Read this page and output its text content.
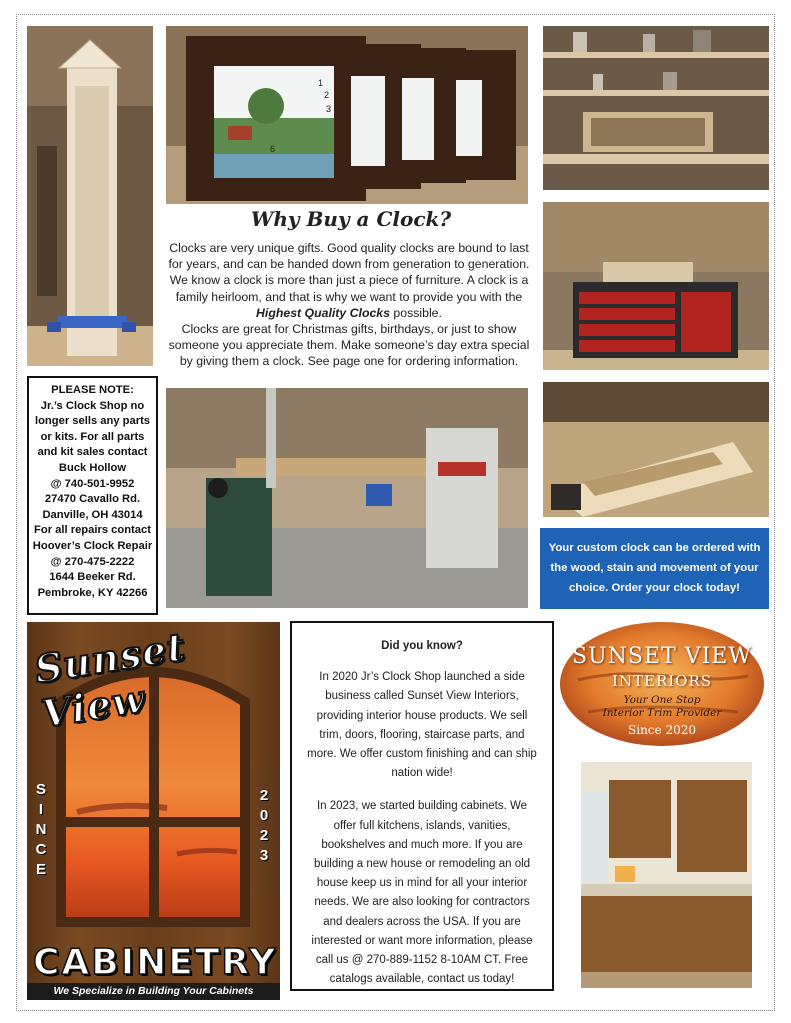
1
2
3
6
Why Buy a Clock?

Clocks are very unique gifts. Good quality clocks are bound to last for years, and can be handed down from generation to generation. We know a clock is more than just a piece of furniture. A clock is a family heirloom, and that is why we want to provide you with the Highest Quality Clocks possible.

Clocks are great for Christmas gifts, birthdays, or just to show someone you appreciate them. Make someone’s day extra special by giving them a clock. See page one for ordering information.

PLEASE NOTE:
Jr.’s Clock Shop no
longer sells any parts
or kits. For all parts
and kit sales contact
Buck Hollow
@ 740-501-9952
27470 Cavallo Rd.
Danville, OH 43014
For all repairs contact
Hoover’s Clock Repair
@ 270-475-2222
1644 Beeker Rd.
Pembroke, KY 42266
Your custom clock can be ordered with the wood, stain and movement of your choice. Order your clock today!
Sunset View
S
I
N
C
E
2
0
2
3
CABINETRY
We Specialize in Building Your Cabinets
Did you know?

In 2020 Jr’s Clock Shop launched a side business called Sunset View Interiors, providing interior house products. We sell trim, doors, flooring, staircase parts, and more. We offer custom finishing and can ship nation wide!

In 2023, we started building cabinets. We offer full kitchens, islands, vanities, bookshelves and much more. If you are building a new house or remodeling an old house keep us in mind for all your interior needs. We are also looking for contractors and dealers across the USA. If you are interested or want more information, please call us @ 270-889-1152 8-10AM CT. Free catalogs available, contact us today!

SUNSET VIEW
INTERIORS
Your One Stop
Interior Trim Provider
Since 2020
